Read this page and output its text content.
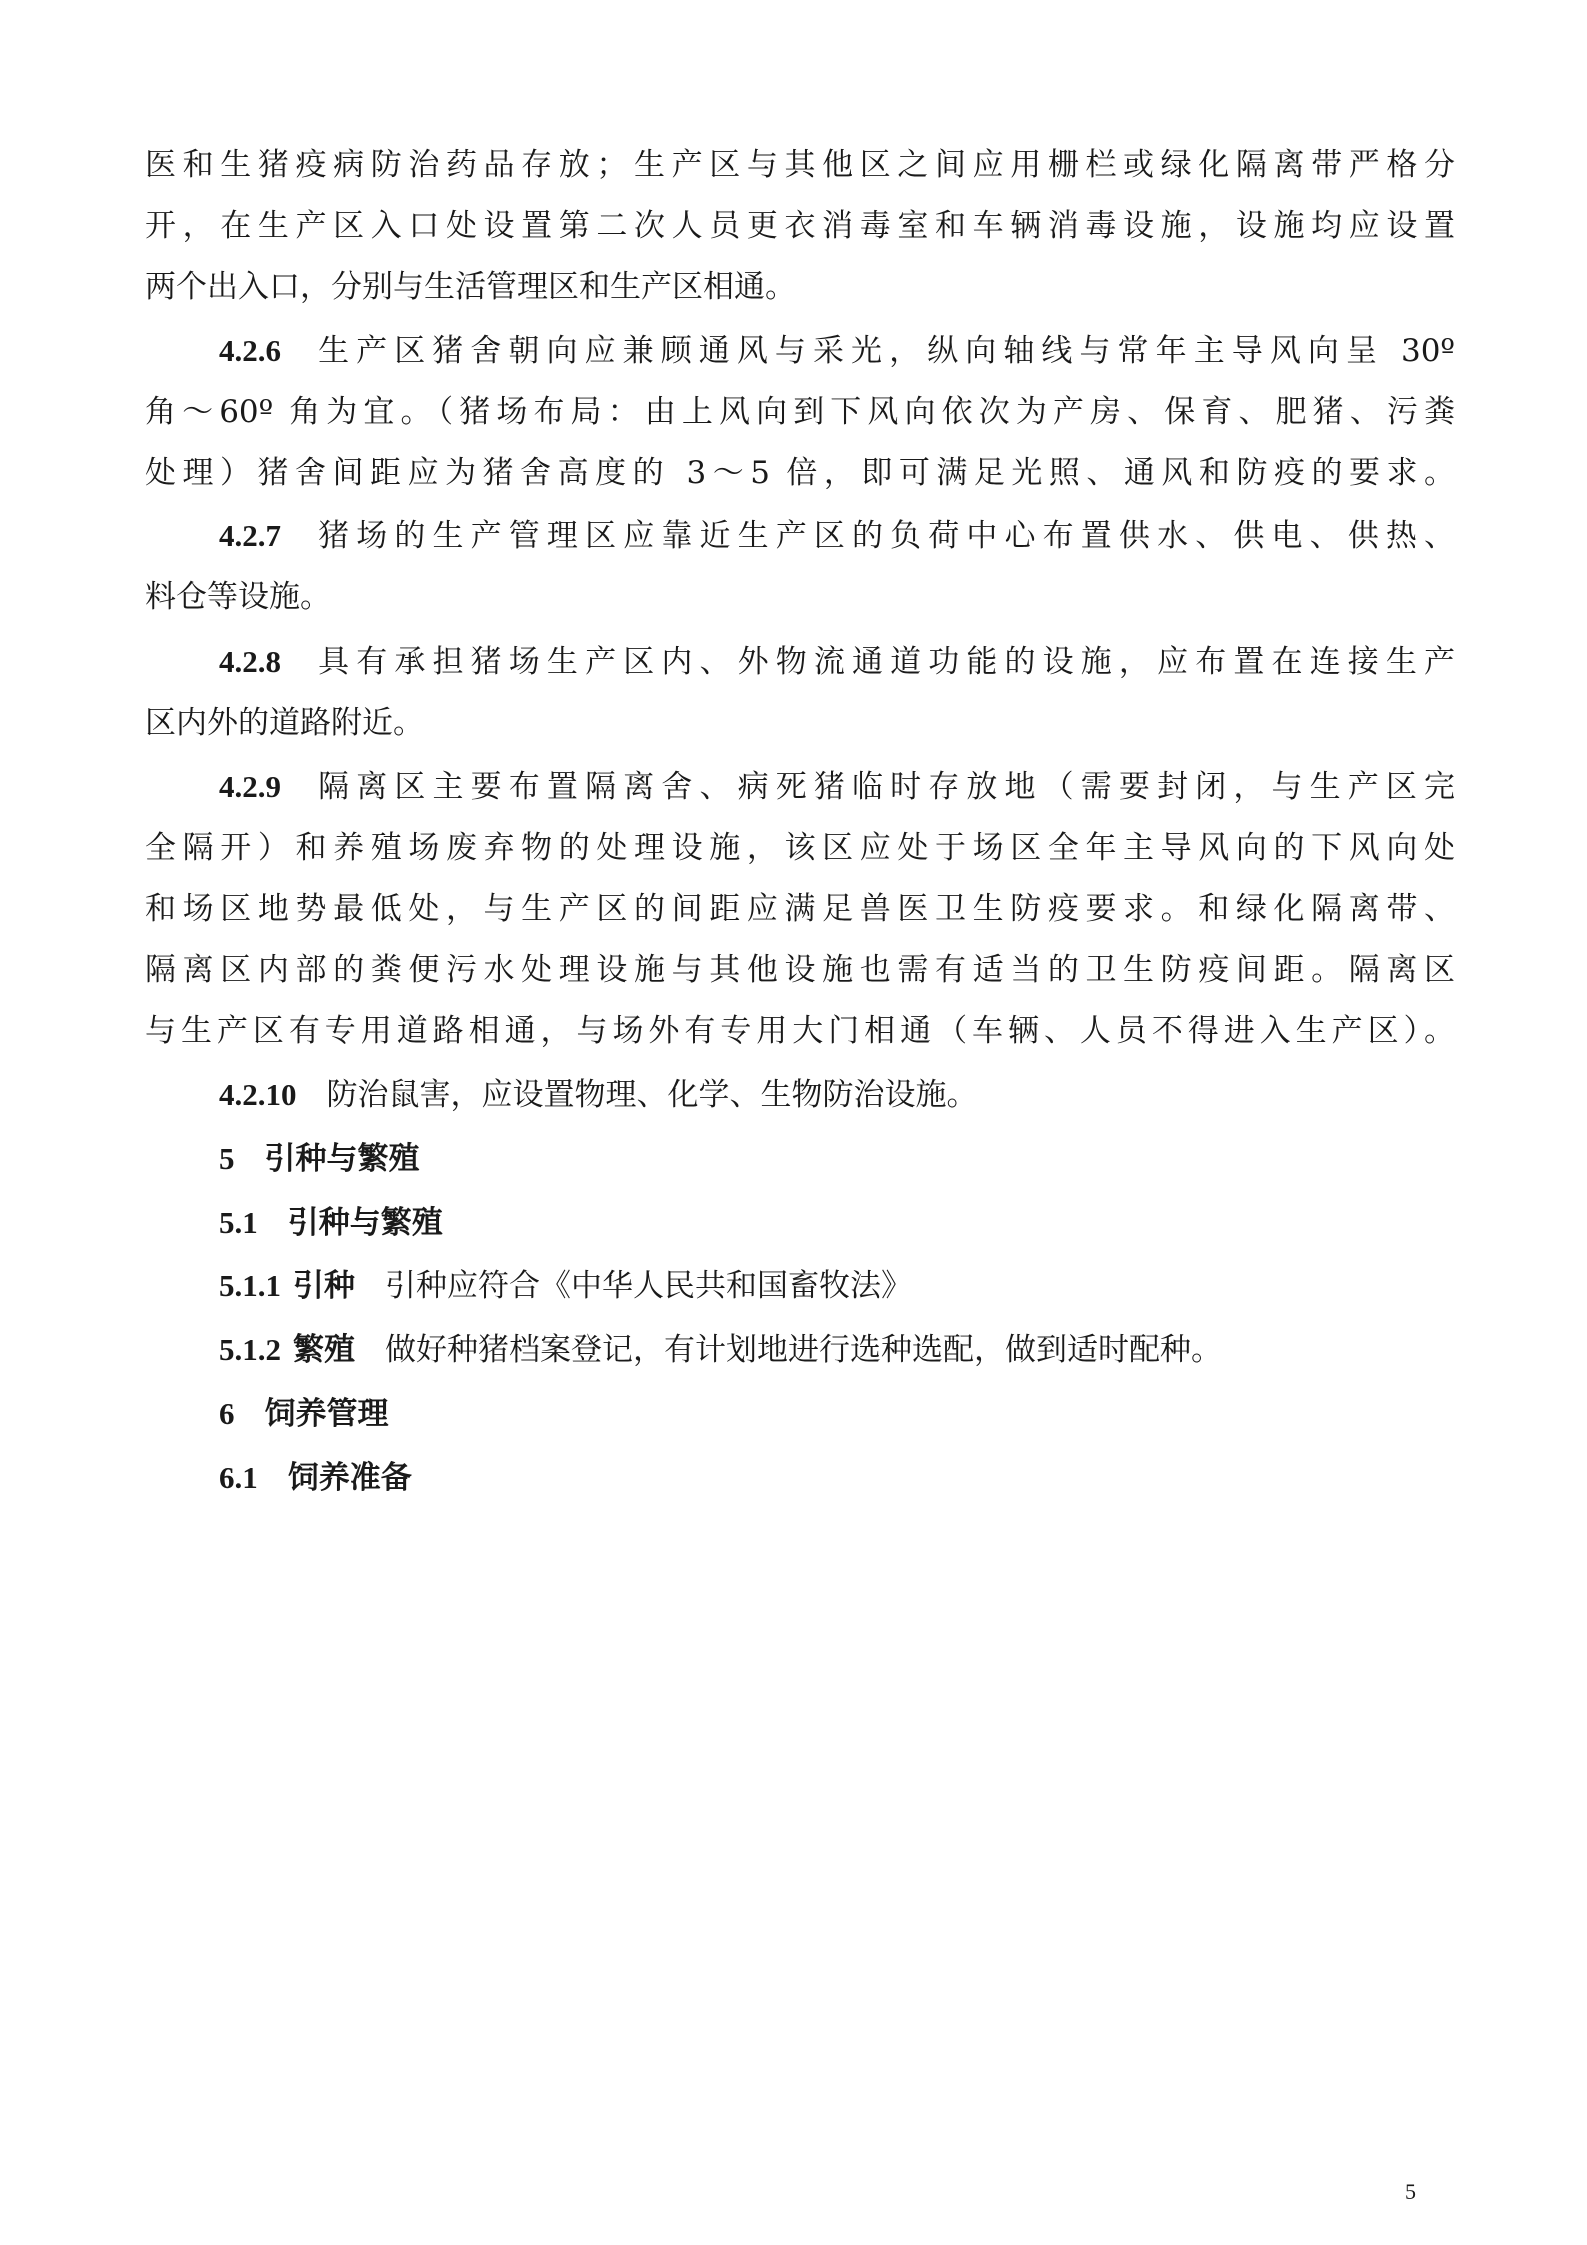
医和生猪疫病防治药品存放；生产区与其他区之间应用栅栏或绿化隔离带严格分
开，在生产区入口处设置第二次人员更衣消毒室和车辆消毒设施，设施均应设置
两个出入口，分别与生活管理区和生产区相通。
4.2.6 生产区猪舍朝向应兼顾通风与采光，纵向轴线与常年主导风向呈 30º
角～60º 角为宜。（猪场布局：由上风向到下风向依次为产房、保育、肥猪、污粪
处理）猪舍间距应为猪舍高度的 3～5 倍，即可满足光照、通风和防疫的要求。
4.2.7 猪场的生产管理区应靠近生产区的负荷中心布置供水、供电、供热、
料仓等设施。
4.2.8 具有承担猪场生产区内、外物流通道功能的设施，应布置在连接生产
区内外的道路附近。
4.2.9 隔离区主要布置隔离舍、病死猪临时存放地（需要封闭，与生产区完
全隔开）和养殖场废弃物的处理设施，该区应处于场区全年主导风向的下风向处
和场区地势最低处，与生产区的间距应满足兽医卫生防疫要求。和绿化隔离带、
隔离区内部的粪便污水处理设施与其他设施也需有适当的卫生防疫间距。隔离区
与生产区有专用道路相通，与场外有专用大门相通（车辆、人员不得进入生产区）。
4.2.10 防治鼠害，应设置物理、化学、生物防治设施。
5 引种与繁殖
5.1 引种与繁殖
5.1.1 引种 引种应符合《中华人民共和国畜牧法》
5.1.2 繁殖 做好种猪档案登记，有计划地进行选种选配，做到适时配种。
6 饲养管理
6.1 饲养准备
5
